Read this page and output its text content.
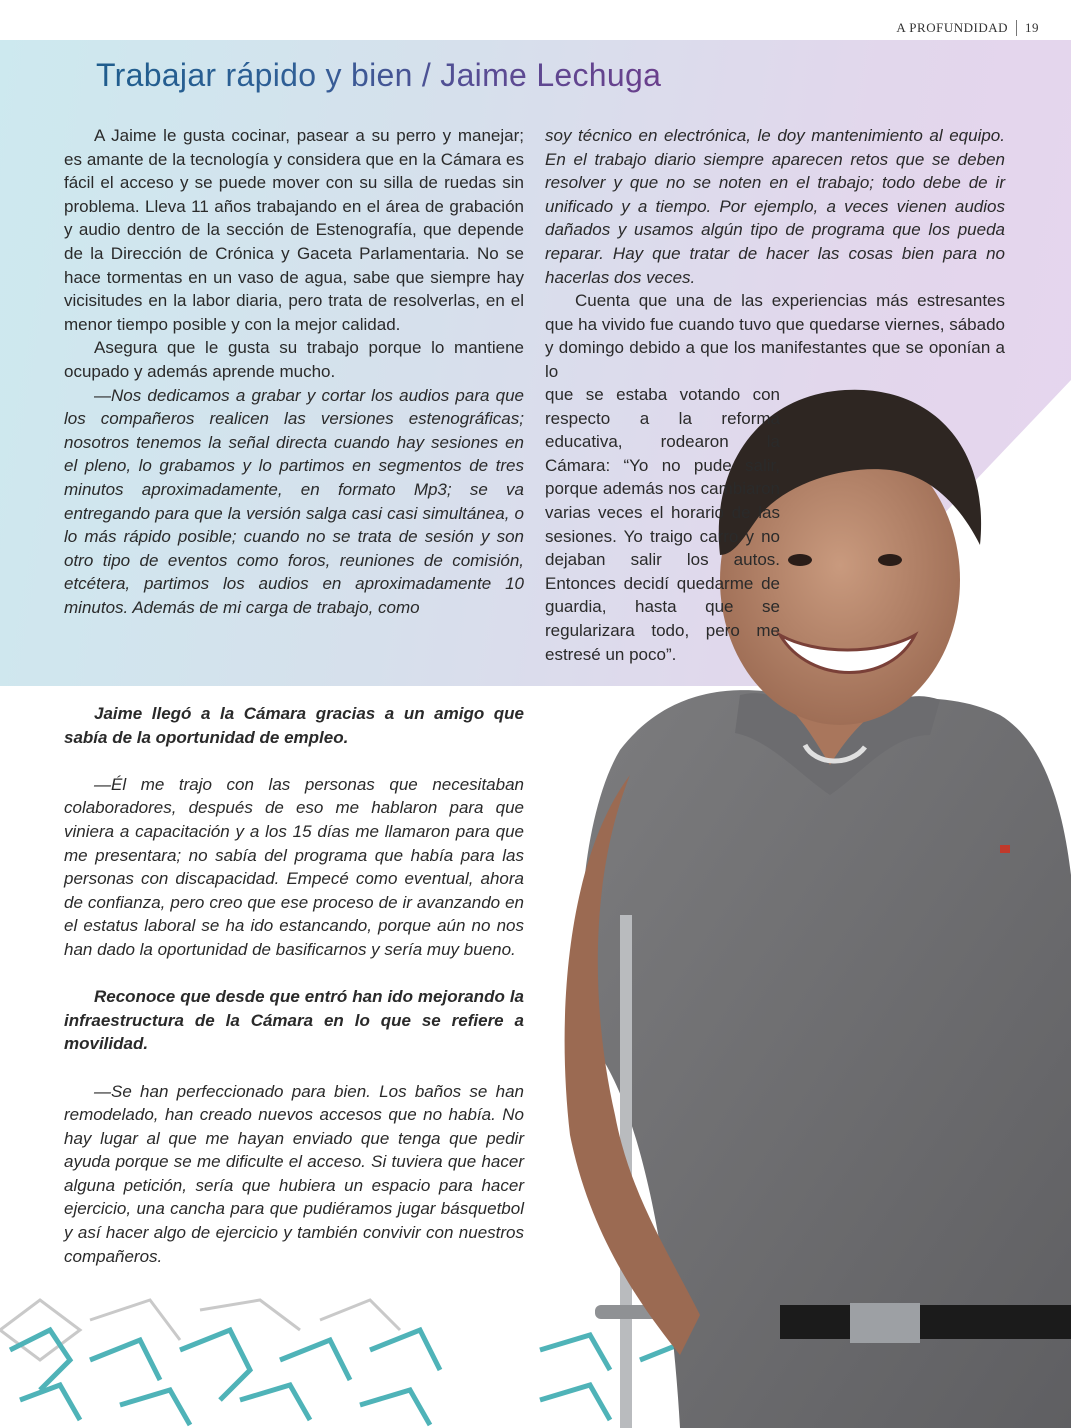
A PROFUNDIDAD 19
Trabajar rápido y bien / Jaime Lechuga

A Jaime le gusta cocinar, pasear a su perro y manejar; es amante de la tecnología y considera que en la Cámara es fácil el acceso y se puede mover con su silla de ruedas sin problema. Lleva 11 años trabajando en el área de grabación y audio dentro de la sección de Estenografía, que depende de la Dirección de Crónica y Gaceta Parlamentaria. No se hace tormentas en un vaso de agua, sabe que siempre hay vicisitudes en la labor diaria, pero trata de resolverlas, en el menor tiempo posible y con la mejor calidad.

Asegura que le gusta su trabajo porque lo mantiene ocupado y además aprende mucho.

—Nos dedicamos a grabar y cortar los audios para que los compañeros realicen las versiones estenográficas; nosotros tenemos la señal directa cuando hay sesiones en el pleno, lo grabamos y lo partimos en segmentos de tres minutos aproximadamente, en formato Mp3; se va entregando para que la versión salga casi casi simultánea, o lo más rápido posible; cuando no se trata de sesión y son otro tipo de eventos como foros, reuniones de comisión, etcétera, partimos los audios en aproximadamente 10 minutos. Además de mi carga de trabajo, como

soy técnico en electrónica, le doy mantenimiento al equipo. En el trabajo diario siempre aparecen retos que se deben resolver y que no se noten en el trabajo; todo debe de ir unificado y a tiempo. Por ejemplo, a veces vienen audios dañados y usamos algún tipo de programa que los pueda reparar. Hay que tratar de hacer las cosas bien para no hacerlas dos veces.

Cuenta que una de las experiencias más estresantes que ha vivido fue cuando tuvo que quedarse viernes, sábado y domingo debido a que los manifestantes que se oponían a lo

que se estaba votando con respecto a la reforma educativa, rodearon la Cámara: “Yo no pude salir, porque además nos cambiaron varias veces el horario de las sesiones. Yo traigo carro y no dejaban salir los autos. Entonces decidí quedarme de guardia, hasta que se regularizara todo, pero me estresé un poco”.

Jaime llegó a la Cámara gracias a un amigo que sabía de la oportunidad de empleo.

—Él me trajo con las personas que necesitaban colaboradores, después de eso me hablaron para que viniera a capacitación y a los 15 días me llamaron para que me presentara; no sabía del programa que había para las personas con discapacidad. Empecé como eventual, ahora de confianza, pero creo que ese proceso de ir avanzando en el estatus laboral se ha ido estancando, porque aún no nos han dado la oportunidad de basificarnos y sería muy bueno.

Reconoce que desde que entró han ido mejorando la infraestructura de la Cámara en lo que se refiere a movilidad.

—Se han perfeccionado para bien. Los baños se han remodelado, han creado nuevos accesos que no había. No hay lugar al que me hayan enviado que tenga que pedir ayuda porque se me dificulte el acceso. Si tuviera que hacer alguna petición, sería que hubiera un espacio para hacer ejercicio, una cancha para que pudiéramos jugar básquetbol y así hacer algo de ejercicio y también convivir con nuestros compañeros.
